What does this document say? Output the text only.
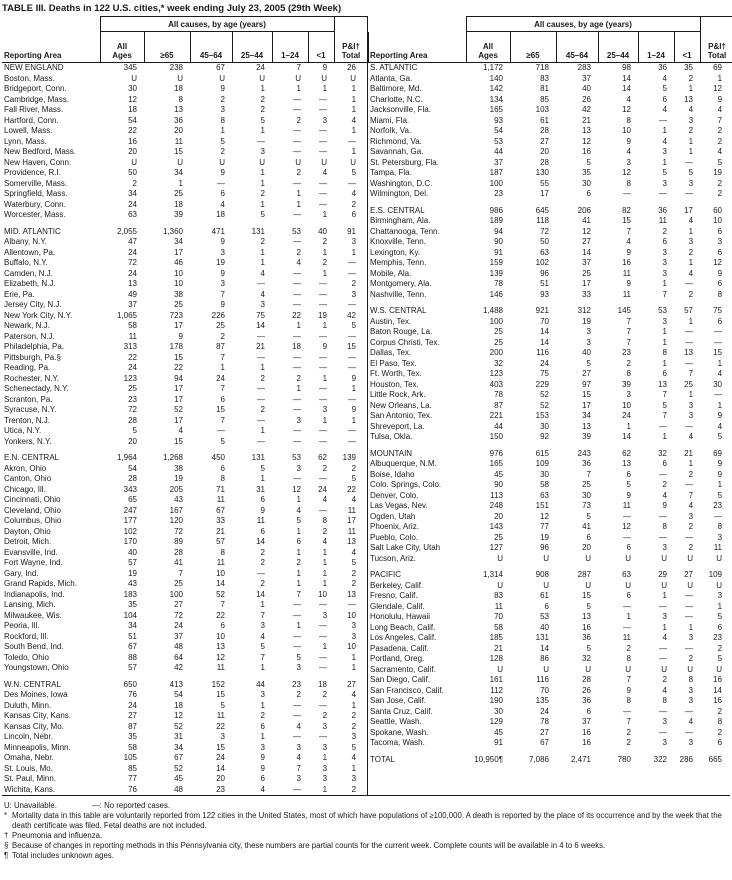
TABLE III. Deaths in 122 U.S. cities,* week ending July 23, 2005 (29th Week)
	All causes, by age (years)						
Reporting Area	All
Ages	≥65	45–64	25–44	1–24	<1	P&I†
Total
NEW ENGLAND	345	238	67	24	7	9	26
Boston, Mass.	U	U	U	U	U	U	U
Bridgeport, Conn.	30	18	9	1	1	1	1
Cambridge, Mass.	12	8	2	2	—	—	1
Fall River, Mass.	18	13	3	2	—	—	1
Hartford, Conn.	54	36	8	5	2	3	4
Lowell, Mass.	22	20	1	1	—	—	1
Lynn, Mass.	16	11	5	—	—	—	—
New Bedford, Mass.	20	15	2	3	—	—	1
New Haven, Conn.	U	U	U	U	U	U	U
Providence, R.I.	50	34	9	1	2	4	5
Somerville, Mass.	2	1	—	1	—	—	—
Springfield, Mass.	34	25	6	2	1	—	4
Waterbury, Conn.	24	18	4	1	1	—	2
Worcester, Mass.	63	39	18	5	—	1	6
MID. ATLANTIC	2,055	1,360	471	131	53	40	91
Albany, N.Y.	47	34	9	2	—	2	3
Allentown, Pa.	24	17	3	1	2	1	1
Buffalo, N.Y.	72	46	19	1	4	2	—
Camden, N.J.	24	10	9	4	—	1	—
Elizabeth, N.J.	13	10	3	—	—	—	2
Erie, Pa.	49	38	7	4	—	—	3
Jersey City, N.J.	37	25	9	3	—	—	—
New York City, N.Y.	1,065	723	226	75	22	19	42
Newark, N.J.	58	17	25	14	1	1	5
Paterson, N.J.	11	9	2	—	—	—	—
Philadelphia, Pa.	313	178	87	21	18	9	15
Pittsburgh, Pa.§	22	15	7	—	—	—	—
Reading, Pa.	24	22	1	1	—	—	—
Rochester, N.Y.	123	94	24	2	2	1	9
Schenectady, N.Y.	25	17	7	—	1	—	1
Scranton, Pa.	23	17	6	—	—	—	—
Syracuse, N.Y.	72	52	15	2	—	3	9
Trenton, N.J.	28	17	7	—	3	1	1
Utica, N.Y.	5	4	—	1	—	—	—
Yonkers, N.Y.	20	15	5	—	—	—	—
E.N. CENTRAL	1,964	1,268	450	131	53	62	139
Akron, Ohio	54	38	6	5	3	2	2
Canton, Ohio	28	19	8	1	—	—	5
Chicago, Ill.	343	205	71	31	12	24	22
Cincinnati, Ohio	65	43	11	6	1	4	4
Cleveland, Ohio	247	167	67	9	4	—	11
Columbus, Ohio	177	120	33	11	5	8	17
Dayton, Ohio	102	72	21	6	1	2	11
Detroit, Mich.	170	89	57	14	6	4	13
Evansville, Ind.	40	28	8	2	1	1	4
Fort Wayne, Ind.	57	41	11	2	2	1	5
Gary, Ind.	19	7	10	—	1	1	2
Grand Rapids, Mich.	43	25	14	2	1	1	2
Indianapolis, Ind.	183	100	52	14	7	10	13
Lansing, Mich.	35	27	7	1	—	—	—
Milwaukee, Wis.	104	72	22	7	—	3	10
Peoria, Ill.	34	24	6	3	1	—	3
Rockford, Ill.	51	37	10	4	—	—	3
South Bend, Ind.	67	48	13	5	—	1	10
Toledo, Ohio	88	64	12	7	5	—	1
Youngstown, Ohio	57	42	11	1	3	—	1
W.N. CENTRAL	650	413	152	44	23	18	27
Des Moines, Iowa	76	54	15	3	2	2	4
Duluth, Minn.	24	18	5	1	—	—	1
Kansas City, Kans.	27	12	11	2	—	2	2
Kansas City, Mo.	87	52	22	6	4	3	2
Lincoln, Nebr.	35	31	3	1	—	—	3
Minneapolis, Minn.	58	34	15	3	3	3	5
Omaha, Nebr.	105	67	24	9	4	1	4
St. Louis, Mo.	85	52	14	9	7	3	1
St. Paul, Minn.	77	45	20	6	3	3	3
Wichita, Kans.	76	48	23	4	—	1	2
	All causes, by age (years)						
Reporting Area	All
Ages	≥65	45–64	25–44	1–24	<1	P&I†
Total
S. ATLANTIC	1,172	718	283	98	36	35	69
Atlanta, Ga.	140	83	37	14	4	2	1
Baltimore, Md.	142	81	40	14	5	1	12
Charlotte, N.C.	134	85	26	4	6	13	9
Jacksonville, Fla.	165	103	42	12	4	4	4
Miami, Fla.	93	61	21	8	—	3	7
Norfolk, Va.	54	28	13	10	1	2	2
Richmond, Va.	53	27	12	9	4	1	2
Savannah, Ga.	44	20	16	4	3	1	4
St. Petersburg, Fla.	37	28	5	3	1	—	5
Tampa, Fla.	187	130	35	12	5	5	19
Washington, D.C.	100	55	30	8	3	3	2
Wilmington, Del.	23	17	6	—	—	—	2
E.S. CENTRAL	986	645	206	82	36	17	60
Birmingham, Ala.	189	118	41	15	11	4	10
Chattanooga, Tenn.	94	72	12	7	2	1	6
Knoxville, Tenn.	90	50	27	4	6	3	3
Lexington, Ky.	91	63	14	9	3	2	6
Memphis, Tenn.	159	102	37	16	3	1	12
Mobile, Ala.	139	96	25	11	3	4	9
Montgomery, Ala.	78	51	17	9	1	—	6
Nashville, Tenn.	146	93	33	11	7	2	8
W.S. CENTRAL	1,488	921	312	145	53	57	75
Austin, Tex.	100	70	19	7	3	1	6
Baton Rouge, La.	25	14	3	7	1	—	—
Corpus Christi, Tex.	25	14	3	7	1	—	—
Dallas, Tex.	200	116	40	23	8	13	15
El Paso, Tex.	32	24	5	2	1	—	1
Ft. Worth, Tex.	123	75	27	8	6	7	4
Houston, Tex.	403	229	97	39	13	25	30
Little Rock, Ark.	78	52	15	3	7	1	—
New Orleans, La.	87	52	17	10	5	3	1
San Antonio, Tex.	221	153	34	24	7	3	9
Shreveport, La.	44	30	13	1	—	—	4
Tulsa, Okla.	150	92	39	14	1	4	5
MOUNTAIN	976	615	243	62	32	21	69
Albuquerque, N.M.	165	109	36	13	6	1	9
Boise, Idaho	45	30	7	6	—	2	9
Colo. Springs, Colo.	90	58	25	5	2	—	1
Denver, Colo.	113	63	30	9	4	7	5
Las Vegas, Nev.	248	151	73	11	9	4	23
Ogden, Utah	20	12	5	—	—	3	—
Phoenix, Ariz.	143	77	41	12	8	2	8
Pueblo, Colo.	25	19	6	—	—	—	3
Salt Lake City, Utah	127	96	20	6	3	2	11
Tucson, Ariz.	U	U	U	U	U	U	U
PACIFIC	1,314	908	287	63	29	27	109
Berkeley, Calif.	U	U	U	U	U	U	U
Fresno, Calif.	83	61	15	6	1	—	3
Glendale, Calif.	11	6	5	—	—	—	1
Honolulu, Hawaii	70	53	13	1	3	—	5
Long Beach, Calif.	58	40	16	—	1	1	6
Los Angeles, Calif.	185	131	36	11	4	3	23
Pasadena, Calif.	21	14	5	2	—	—	2
Portland, Oreg.	128	86	32	8	—	2	5
Sacramento, Calif.	U	U	U	U	U	U	U
San Diego, Calif.	161	116	28	7	2	8	16
San Francisco, Calif.	112	70	26	9	4	3	14
San Jose, Calif.	190	135	36	8	8	3	16
Santa Cruz, Calif.	30	24	6	—	—	—	2
Seattle, Wash.	129	78	37	7	3	4	8
Spokane, Wash.	45	27	16	2	—	—	2
Tacoma, Wash.	91	67	16	2	3	3	6
TOTAL	10,950¶	7,086	2,471	780	322	286	665
U: Unavailable.	—: No reported cases.
* Mortality data in this table are voluntarily reported from 122 cities in the United States, most of which have populations of ≥100,000. A death is reported by the place of its occurrence and by the week that the death certificate was filed. Fetal deaths are not included.
† Pneumonia and influenza.
§ Because of changes in reporting methods in this Pennsylvania city, these numbers are partial counts for the current week. Complete counts will be available in 4 to 6 weeks.
¶ Total includes unknown ages.
